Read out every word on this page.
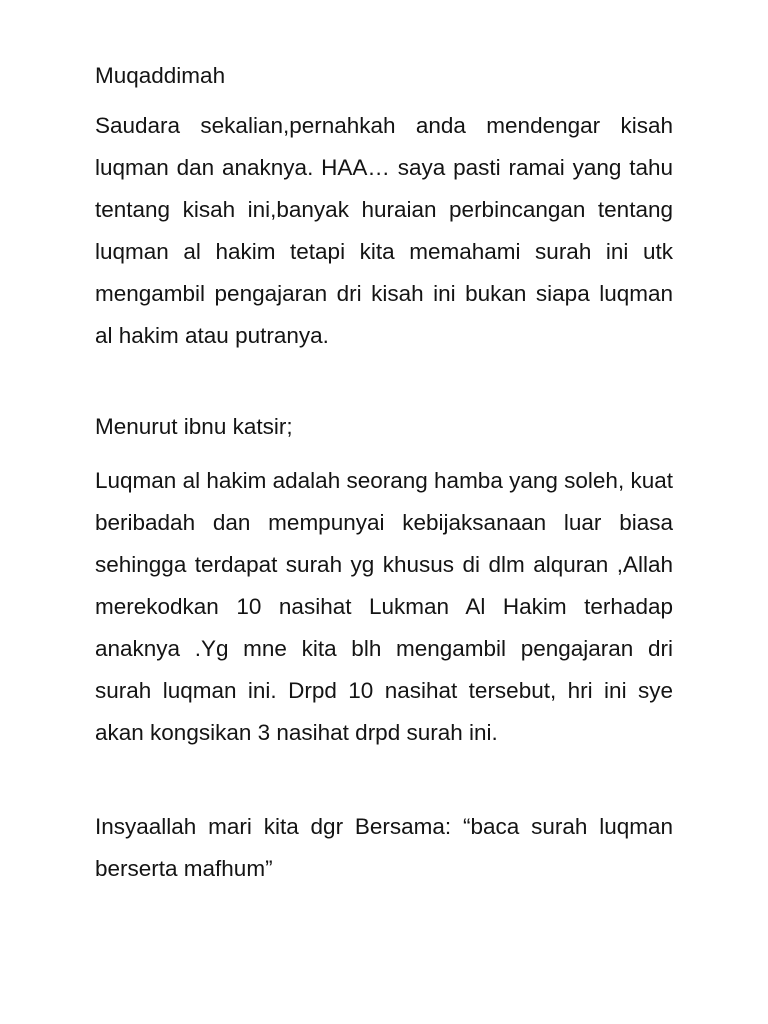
Muqaddimah

Saudara sekalian,pernahkah anda mendengar kisah luqman dan anaknya. HAA… saya pasti ramai yang tahu tentang kisah ini,banyak huraian perbincangan tentang luqman al hakim tetapi kita memahami surah ini utk mengambil pengajaran dri kisah ini bukan siapa luqman al hakim atau putranya.

Menurut ibnu katsir;

Luqman al hakim adalah seorang hamba yang soleh, kuat beribadah dan mempunyai kebijaksanaan luar biasa sehingga terdapat surah yg khusus di dlm alquran ,Allah merekodkan 10 nasihat Lukman Al Hakim terhadap anaknya .Yg mne kita blh mengambil pengajaran dri surah luqman ini. Drpd 10 nasihat tersebut, hri ini sye akan kongsikan 3 nasihat drpd surah ini.

Insyaallah mari kita dgr Bersama: “baca surah luqman berserta mafhum”
